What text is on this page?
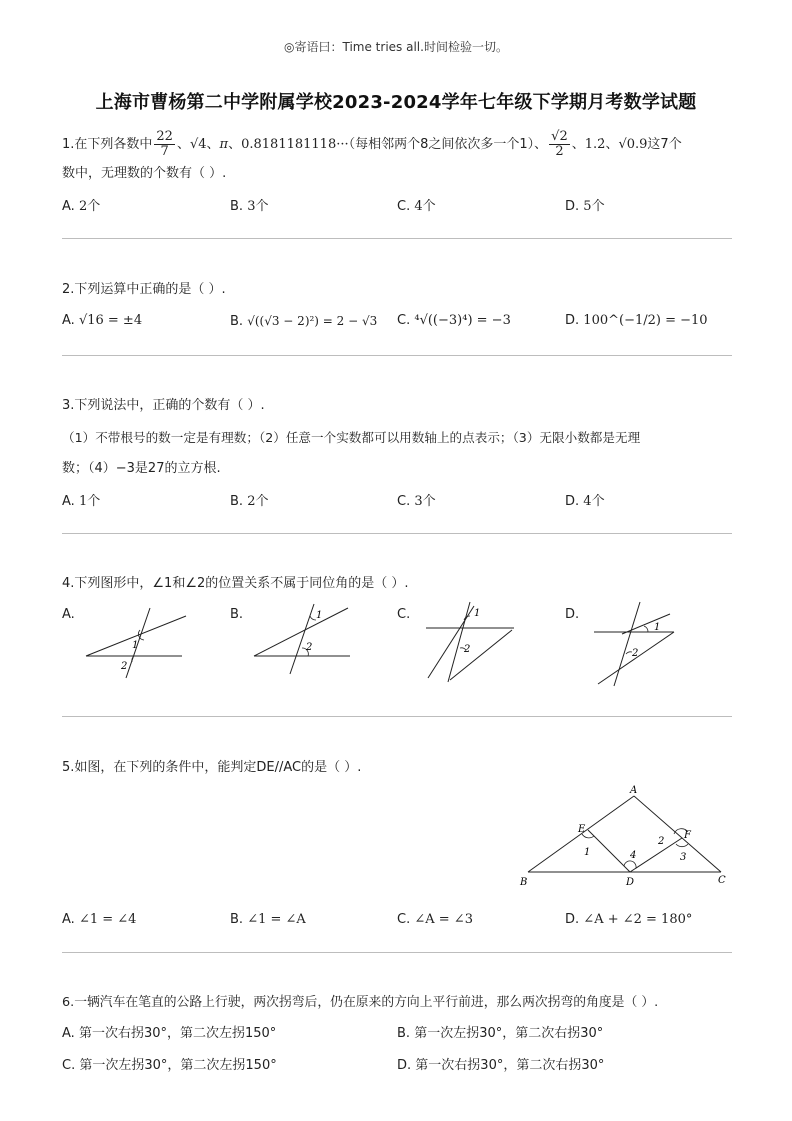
◎寄语曰：Time tries all.时间检验一切。
上海市曹杨第二中学附属学校2023-2024学年七年级下学期月考数学试题
1.在下列各数中 $\frac{22}{7}$ 、√4、π、0.8181181118···（每相邻两个8之间依次多一个1）、 $\frac{√2}{2}$ 、1.2̇、√0.9这7个
数中，无理数的个数有（ ）.
A. 2个	B. 3个	C. 4个	D. 5个
2.下列运算中正确的是（ ）.
A. √16 = ±4	B. √((√3 − 2)²) = 2 − √3 C. ⁴√((−3)⁴) = −3	D. 100^(−1/2) = −10
3.下列说法中，正确的个数有（ ）.
（1）不带根号的数一定是有理数；（2）任意一个实数都可以用数轴上的点表示；（3）无限小数都是无理
数；（4）−3是27的立方根.
A. 1个	B. 2个	C. 3个	D. 4个
4.下列图形中，∠1和∠2的位置关系不属于同位角的是（ ）.
A.	B.	C.	D.
1
2
1
2
1
2
1
2
5.如图，在下列的条件中，能判定DE//AC的是（ ）.
A
B	C
D
E
F
1
2
3
4
A. ∠1 = ∠4	B. ∠1 = ∠A	C. ∠A = ∠3	D. ∠A + ∠2 = 180°
6.一辆汽车在笔直的公路上行驶，两次拐弯后，仍在原来的方向上平行前进，那么两次拐弯的角度是（ ）.
A. 第一次右拐30°，第二次左拐150°	B. 第一次左拐30°，第二次右拐30°
C. 第一次左拐30°，第二次左拐150°	D. 第一次右拐30°，第二次右拐30°
